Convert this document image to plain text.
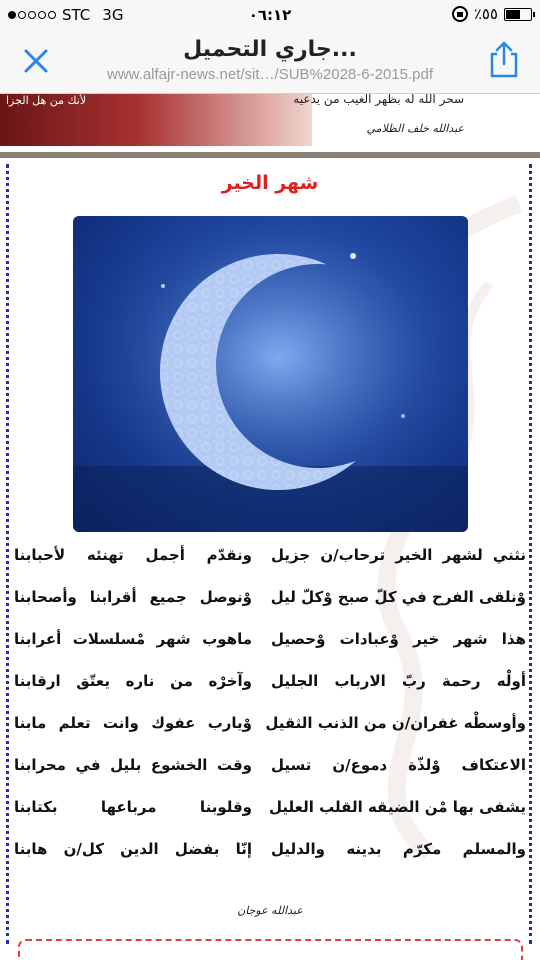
STC 3G	٠٦:١٢	٪٥٥
جاري التحميل...
www.alfajr-news.net/sit…/SUB%2028-6-2015.pdf
لأنك من هل الجزا	سحر الله له بظهر الغيب من يدعيه
عبدالله خلف الظلامي
شهر الخير
نثني لشهر الخير ترحاب/ن جزيل
ونقدّم أجمل تهنئه لأحبابنا
وْنلقى الفرح في كلّ صبح وْكلّ ليل
وْنوصل جميع أقرابنا وأصحابنا
هذا شهر خير وْعبادات وْحصيل
ماهوب شهر مْسلسلات أعرابنا
أولْه رحمة ربّ الارباب الجليل
وآخرْه من ناره يعتّق ارقابنا
وأوسطْه غفران/ن من الذنب الثقيل
وْيارب عفوك وانت تعلم مابنا
الاعتكاف وْلذّة دموع/ن تسيل
وقت الخشوع بليل في محرابنا
يشفى بها مْن الضيقه القلب العليل
وقلوبنا مرباعها بكتابنا
والمسلم مكرّم بدينه والدليل
إنّا بفضل الدين كل/ن هابنا
عبدالله عوجان
